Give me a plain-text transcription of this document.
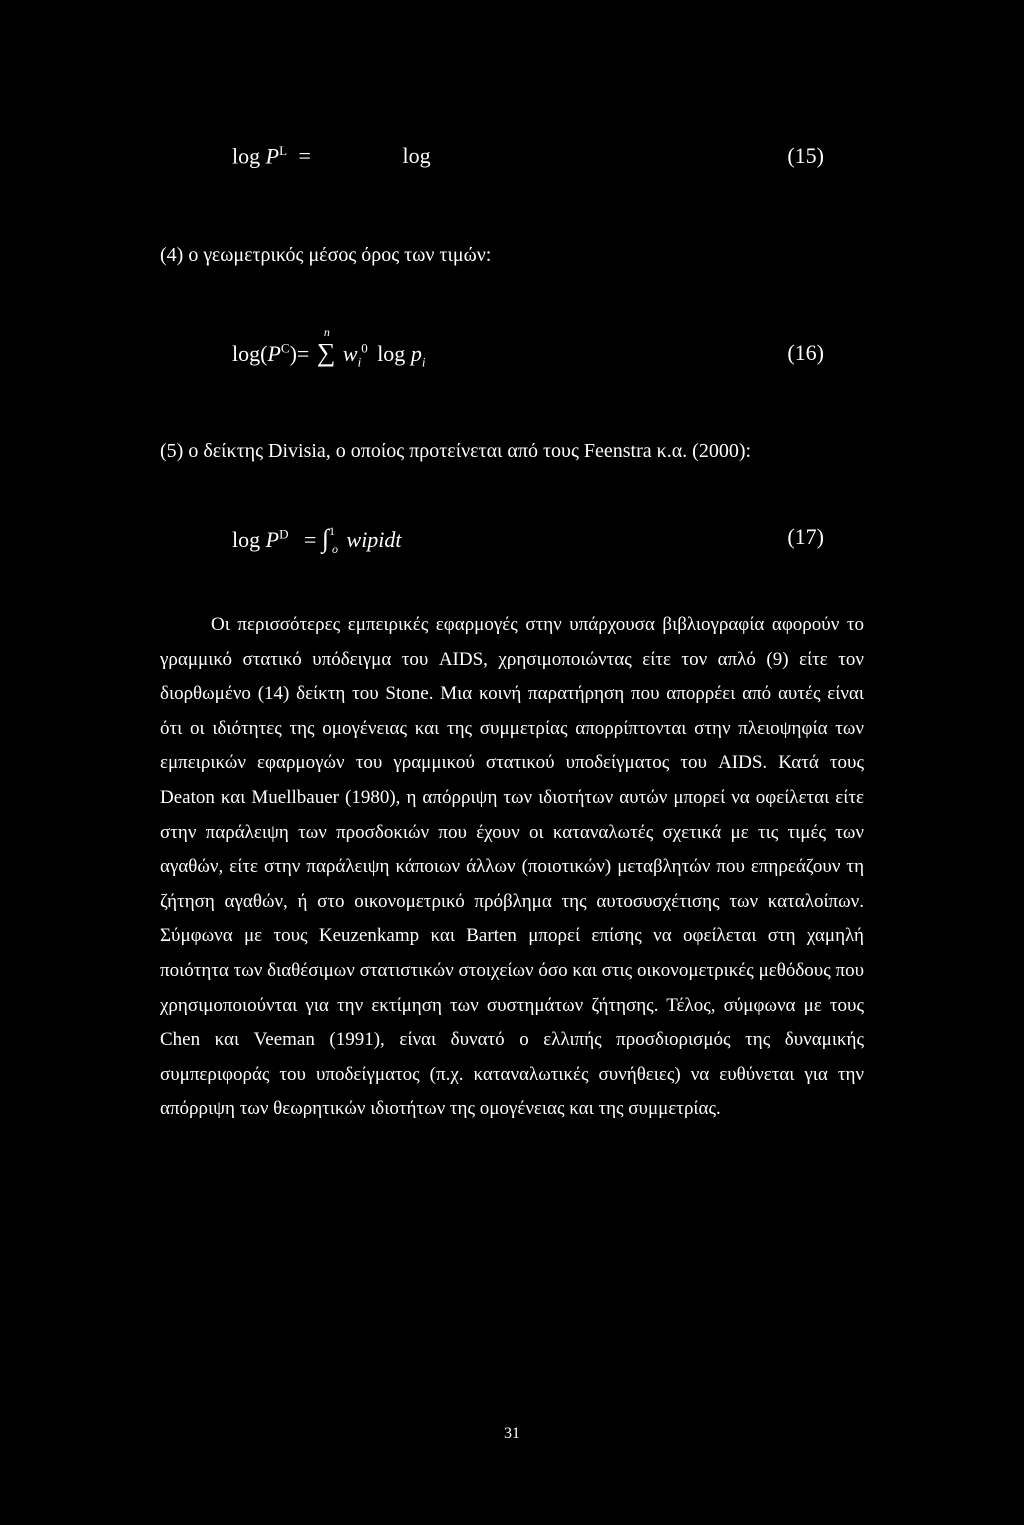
$\log P^L$ =	log	(15)
(4) ο γεωμετρικός μέσος όρος των τιμών:
$\log(P^C)=$ ∑
n
$w_i^0$ $\log p_i$	(16)
(5) ο δείκτης Divisia, ο οποίος προτείνεται από τους Feenstra κ.α. (2000):
$\log P^D = \int^1_o$ wipidt	(17)

Οι περισσότερες εμπειρικές εφαρμογές στην υπάρχουσα βιβλιογραφία αφορούν το γραμμικό στατικό υπόδειγμα του AIDS, χρησιμοποιώντας είτε τον απλό (9) είτε τον διορθωμένο (14) δείκτη του Stone. Μια κοινή παρατήρηση που απορρέει από αυτές είναι ότι οι ιδιότητες της ομογένειας και της συμμετρίας απορρίπτονται στην πλειοψηφία των εμπειρικών εφαρμογών του γραμμικού στατικού υποδείγματος του AIDS. Κατά τους Deaton και Muellbauer (1980), η απόρριψη των ιδιοτήτων αυτών μπορεί να οφείλεται είτε στην παράλειψη των προσδοκιών που έχουν οι καταναλωτές σχετικά με τις τιμές των αγαθών, είτε στην παράλειψη κάποιων άλλων (ποιοτικών) μεταβλητών που επηρεάζουν τη ζήτηση αγαθών, ή στο οικονομετρικό πρόβλημα της αυτοσυσχέτισης των καταλοίπων. Σύμφωνα με τους Keuzenkamp και Barten μπορεί επίσης να οφείλεται στη χαμηλή ποιότητα των διαθέσιμων στατιστικών στοιχείων όσο και στις οικονομετρικές μεθόδους που χρησιμοποιούνται για την εκτίμηση των συστημάτων ζήτησης. Τέλος, σύμφωνα με τους Chen και Veeman (1991), είναι δυνατό ο ελλιπής προσδιορισμός της δυναμικής συμπεριφοράς του υποδείγματος (π.χ. καταναλωτικές συνήθειες) να ευθύνεται για την απόρριψη των θεωρητικών ιδιοτήτων της ομογένειας και της συμμετρίας.

31
